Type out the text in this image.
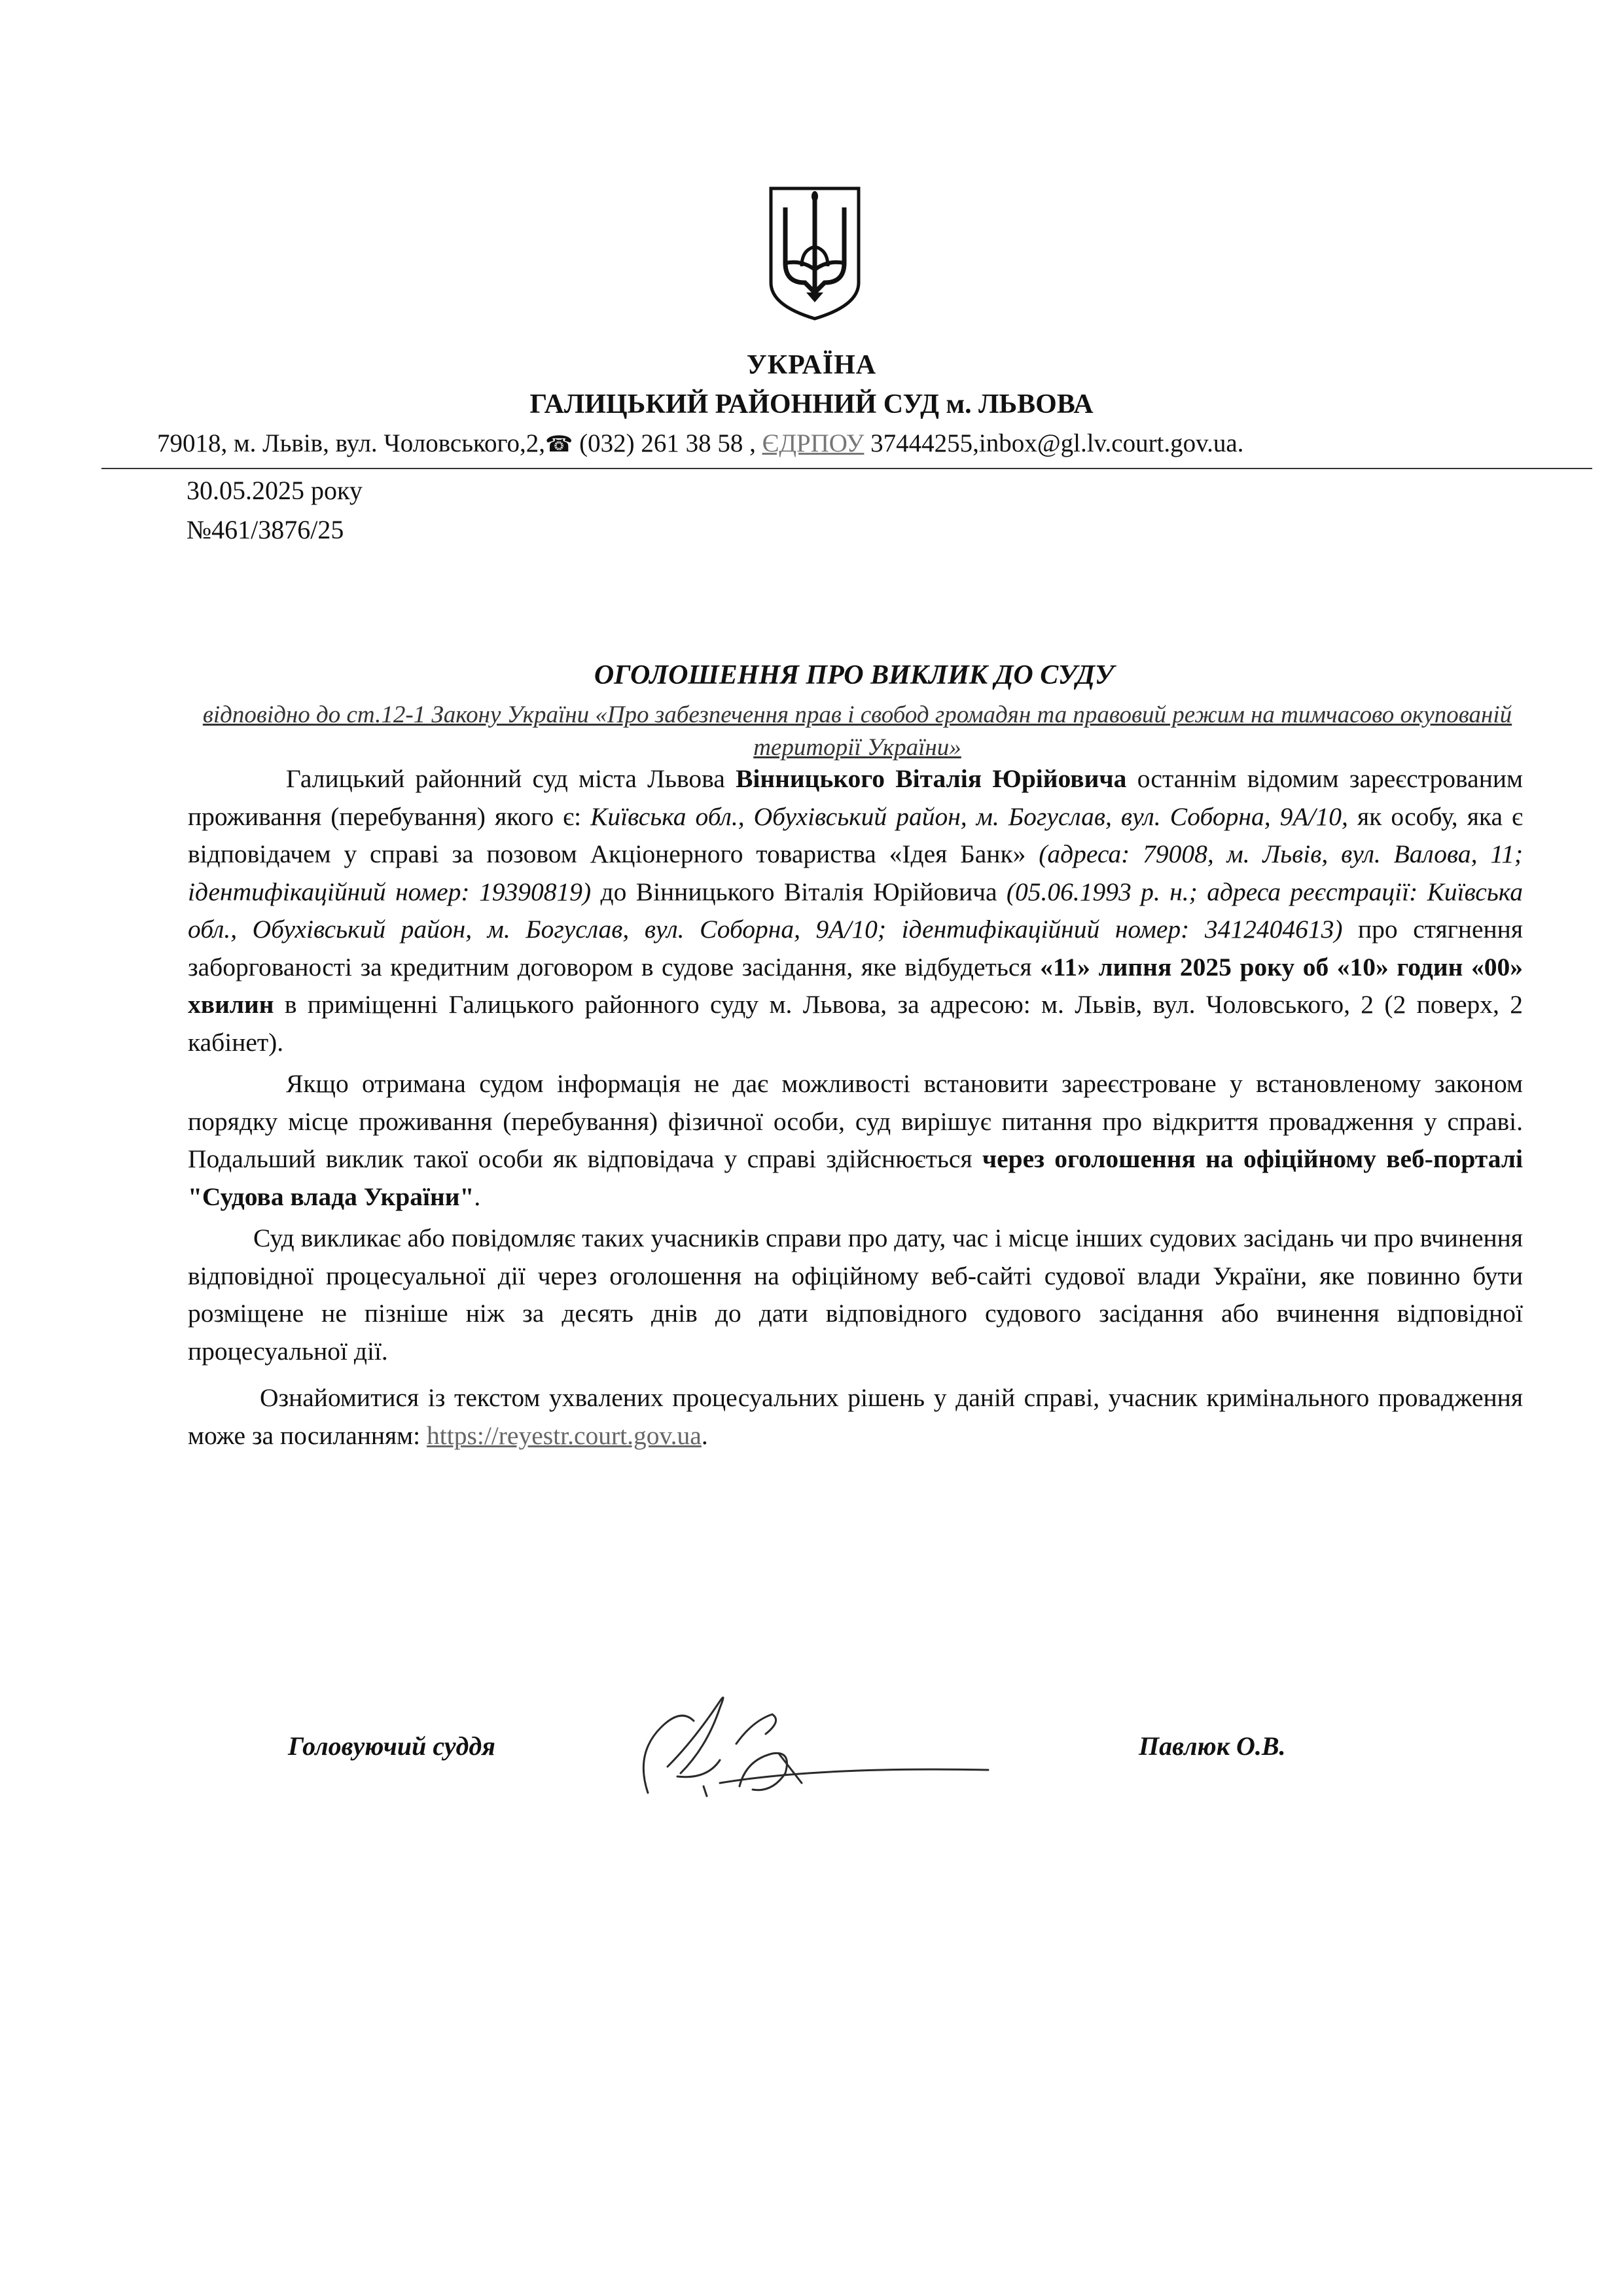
УКРАЇНА
ГАЛИЦЬКИЙ РАЙОННИЙ СУД м. ЛЬВОВА
79018, м. Львів, вул. Чоловського,2,☎ (032) 261 38 58 , ЄДРПОУ 37444255,inbox@gl.lv.court.gov.ua.
30.05.2025 року
№461/3876/25
ОГОЛОШЕННЯ ПРО ВИКЛИК ДО СУДУ
відповідно до ст.12-1 Закону України «Про забезпечення прав і свобод громадян та правовий режим на тимчасово окупованій території України»

Галицький районний суд міста Львова Вінницького Віталія Юрійовича останнім відомим зареєстрованим проживання (перебування) якого є: Київська обл., Обухівський район, м. Богуслав, вул. Соборна, 9А/10, як особу, яка є відповідачем у справі за позовом Акціонерного товариства «Ідея Банк» (адреса: 79008, м. Львів, вул. Валова, 11; ідентифікаційний номер: 19390819) до Вінницького Віталія Юрійовича (05.06.1993 р. н.; адреса реєстрації: Київська обл., Обухівський район, м. Богуслав, вул. Соборна, 9А/10; ідентифікаційний номер: 3412404613) про стягнення заборгованості за кредитним договором в судове засідання, яке відбудеться «11» липня 2025 року об «10» годин «00» хвилин в приміщенні Галицького районного суду м. Львова, за адресою: м. Львів, вул. Чоловського, 2 (2 поверх, 2 кабінет).

Якщо отримана судом інформація не дає можливості встановити зареєстроване у встановленому законом порядку місце проживання (перебування) фізичної особи, суд вирішує питання про відкриття провадження у справі. Подальший виклик такої особи як відповідача у справі здійснюється через оголошення на офіційному веб-порталі "Судова влада України".

Суд викликає або повідомляє таких учасників справи про дату, час і місце інших судових засідань чи про вчинення відповідної процесуальної дії через оголошення на офіційному веб-сайті судової влади України, яке повинно бути розміщене не пізніше ніж за десять днів до дати відповідного судового засідання або вчинення відповідної процесуальної дії.

Ознайомитися із текстом ухвалених процесуальних рішень у даній справі, учасник кримінального провадження може за посиланням: https://reyestr.court.gov.ua.

Головуючий суддя	Павлюк О.В.
